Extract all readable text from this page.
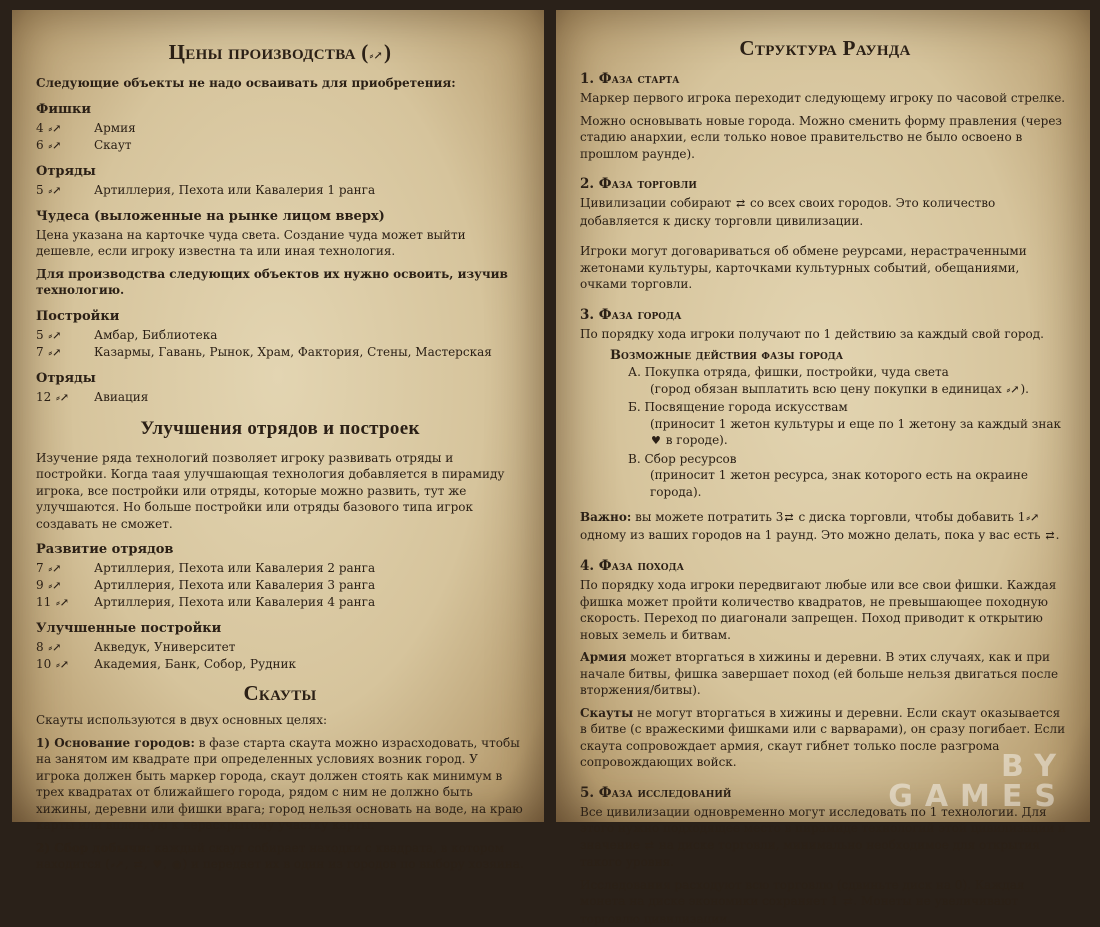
Цены производства (⸗↗)

Следующие объекты не надо осваивать для приобретения:

Фишки
4 ⸗↗	Армия
6 ⸗↗	Скаут
Отряды
5 ⸗↗	Артиллерия, Пехота или Кавалерия 1 ранга
Чудеса (выложенные на рынке лицом вверх)

Цена указана на карточке чуда света. Создание чуда может выйти дешевле, если игроку известна та или иная технология.

Для производства следующих объектов их нужно освоить, изучив технологию.

Постройки
5 ⸗↗	Амбар, Библиотека
7 ⸗↗	Казармы, Гавань, Рынок, Храм, Фактория, Стены, Мастерская
Отряды
12 ⸗↗	Авиация
Улучшения отрядов и построек

Изучение ряда технологий позволяет игроку развивать отряды и постройки. Когда таая улучшающая технология добавляется в пирамиду игрока, все постройки или отряды, которые можно развить, тут же улучшаются. Но больше постройки или отряды базового типа игрок создавать не сможет.

Развитие отрядов
7 ⸗↗	Артиллерия, Пехота или Кавалерия 2 ранга
9 ⸗↗	Артиллерия, Пехота или Кавалерия 3 ранга
11 ⸗↗	Артиллерия, Пехота или Кавалерия 4 ранга
Улучшенные постройки
8 ⸗↗	Акведук, Университет
10 ⸗↗	Академия, Банк, Собор, Рудник
Скауты

Скауты используются в двух основных целях:

1) Основание городов: в фазе старта скаута можно израсходовать, чтобы на занятом им квадрате при определенных условиях возник город. У игрока должен быть маркер города, скаут должен стоять как минимум в трех квадратах от ближайшего города, рядом с ним не должно быть хижины, деревни или фишки врага; город нельзя основать на воде, на краю карты или вплотную к нераскрытому участку карты.

2) Сбор добычи: каждый скаут собирает находки с квадрата, в котором находится (⸗↗, ⇄, ♥, ◉) и передает их в один из городов по выбору хозяина.

Структура Раунда
1. Фаза старта

Маркер первого игрока переходит следующему игроку по часовой стрелке.

Можно основывать новые города. Можно сменить форму правления (через стадию анархии, если только новое правительство не было освоено в прошлом раунде).

2. Фаза торговли

Цивилизации собирают ⇄ со всех своих городов. Это количество добавляется к диску торговли цивилизации.

Игроки могут договариваться об обмене реурсами, нерастраченными жетонами культуры, карточками культурных событий, обещаниями, очками торговли.

3. Фаза города

По порядку хода игроки получают по 1 действию за каждый свой город.

Возможные действия фазы города
А. Покупка отряда, фишки, постройки, чуда света
(город обязан выплатить всю цену покупки в единицах ⸗↗).
Б. Посвящение города искусствам
(приносит 1 жетон культуры и еще по 1 жетону за каждый знак ♥ в городе).
В. Сбор ресурсов
(приносит 1 жетон ресурса, знак которого есть на окраине города).

Важно: вы можете потратить 3⇄ с диска торговли, чтобы добавить 1⸗↗ одному из ваших городов на 1 раунд. Это можно делать, пока у вас есть ⇄.

4. Фаза похода

По порядку хода игроки передвигают любые или все свои фишки. Каждая фишка может пройти количество квадратов, не превышающее походную скорость. Переход по диагонали запрещен. Поход приводит к открытию новых земель и битвам.

Армия может вторгаться в хижины и деревни. В этих случаях, как и при начале битвы, фишка завершает поход (ей больше нельзя двигаться после вторжения/битвы).

Скауты не могут вторгаться в хижины и деревни. Если скаут оказывается в битве (с вражескими фишками или с варварами), он сразу погибает. Если скаута сопровождает армия, скаут гибнет только после разгрома сопровождающих войск.

5. Фаза исследований

Все цивилизации одновременно могут исследовать по 1 технологии. Для этого нужно подходящее место в пирамиде технологий этой цивилизации и значение ⇄ на диске торговли, минимально необходимое для открытия такого уровня.

Исследования расходуют всю торговлю (сдвиньте диск на 0). Каждая монета на диске экономики сохраняет 1 ⇄. Монеты не увеличивают торговлю цивилизации.

BY
GAMES
